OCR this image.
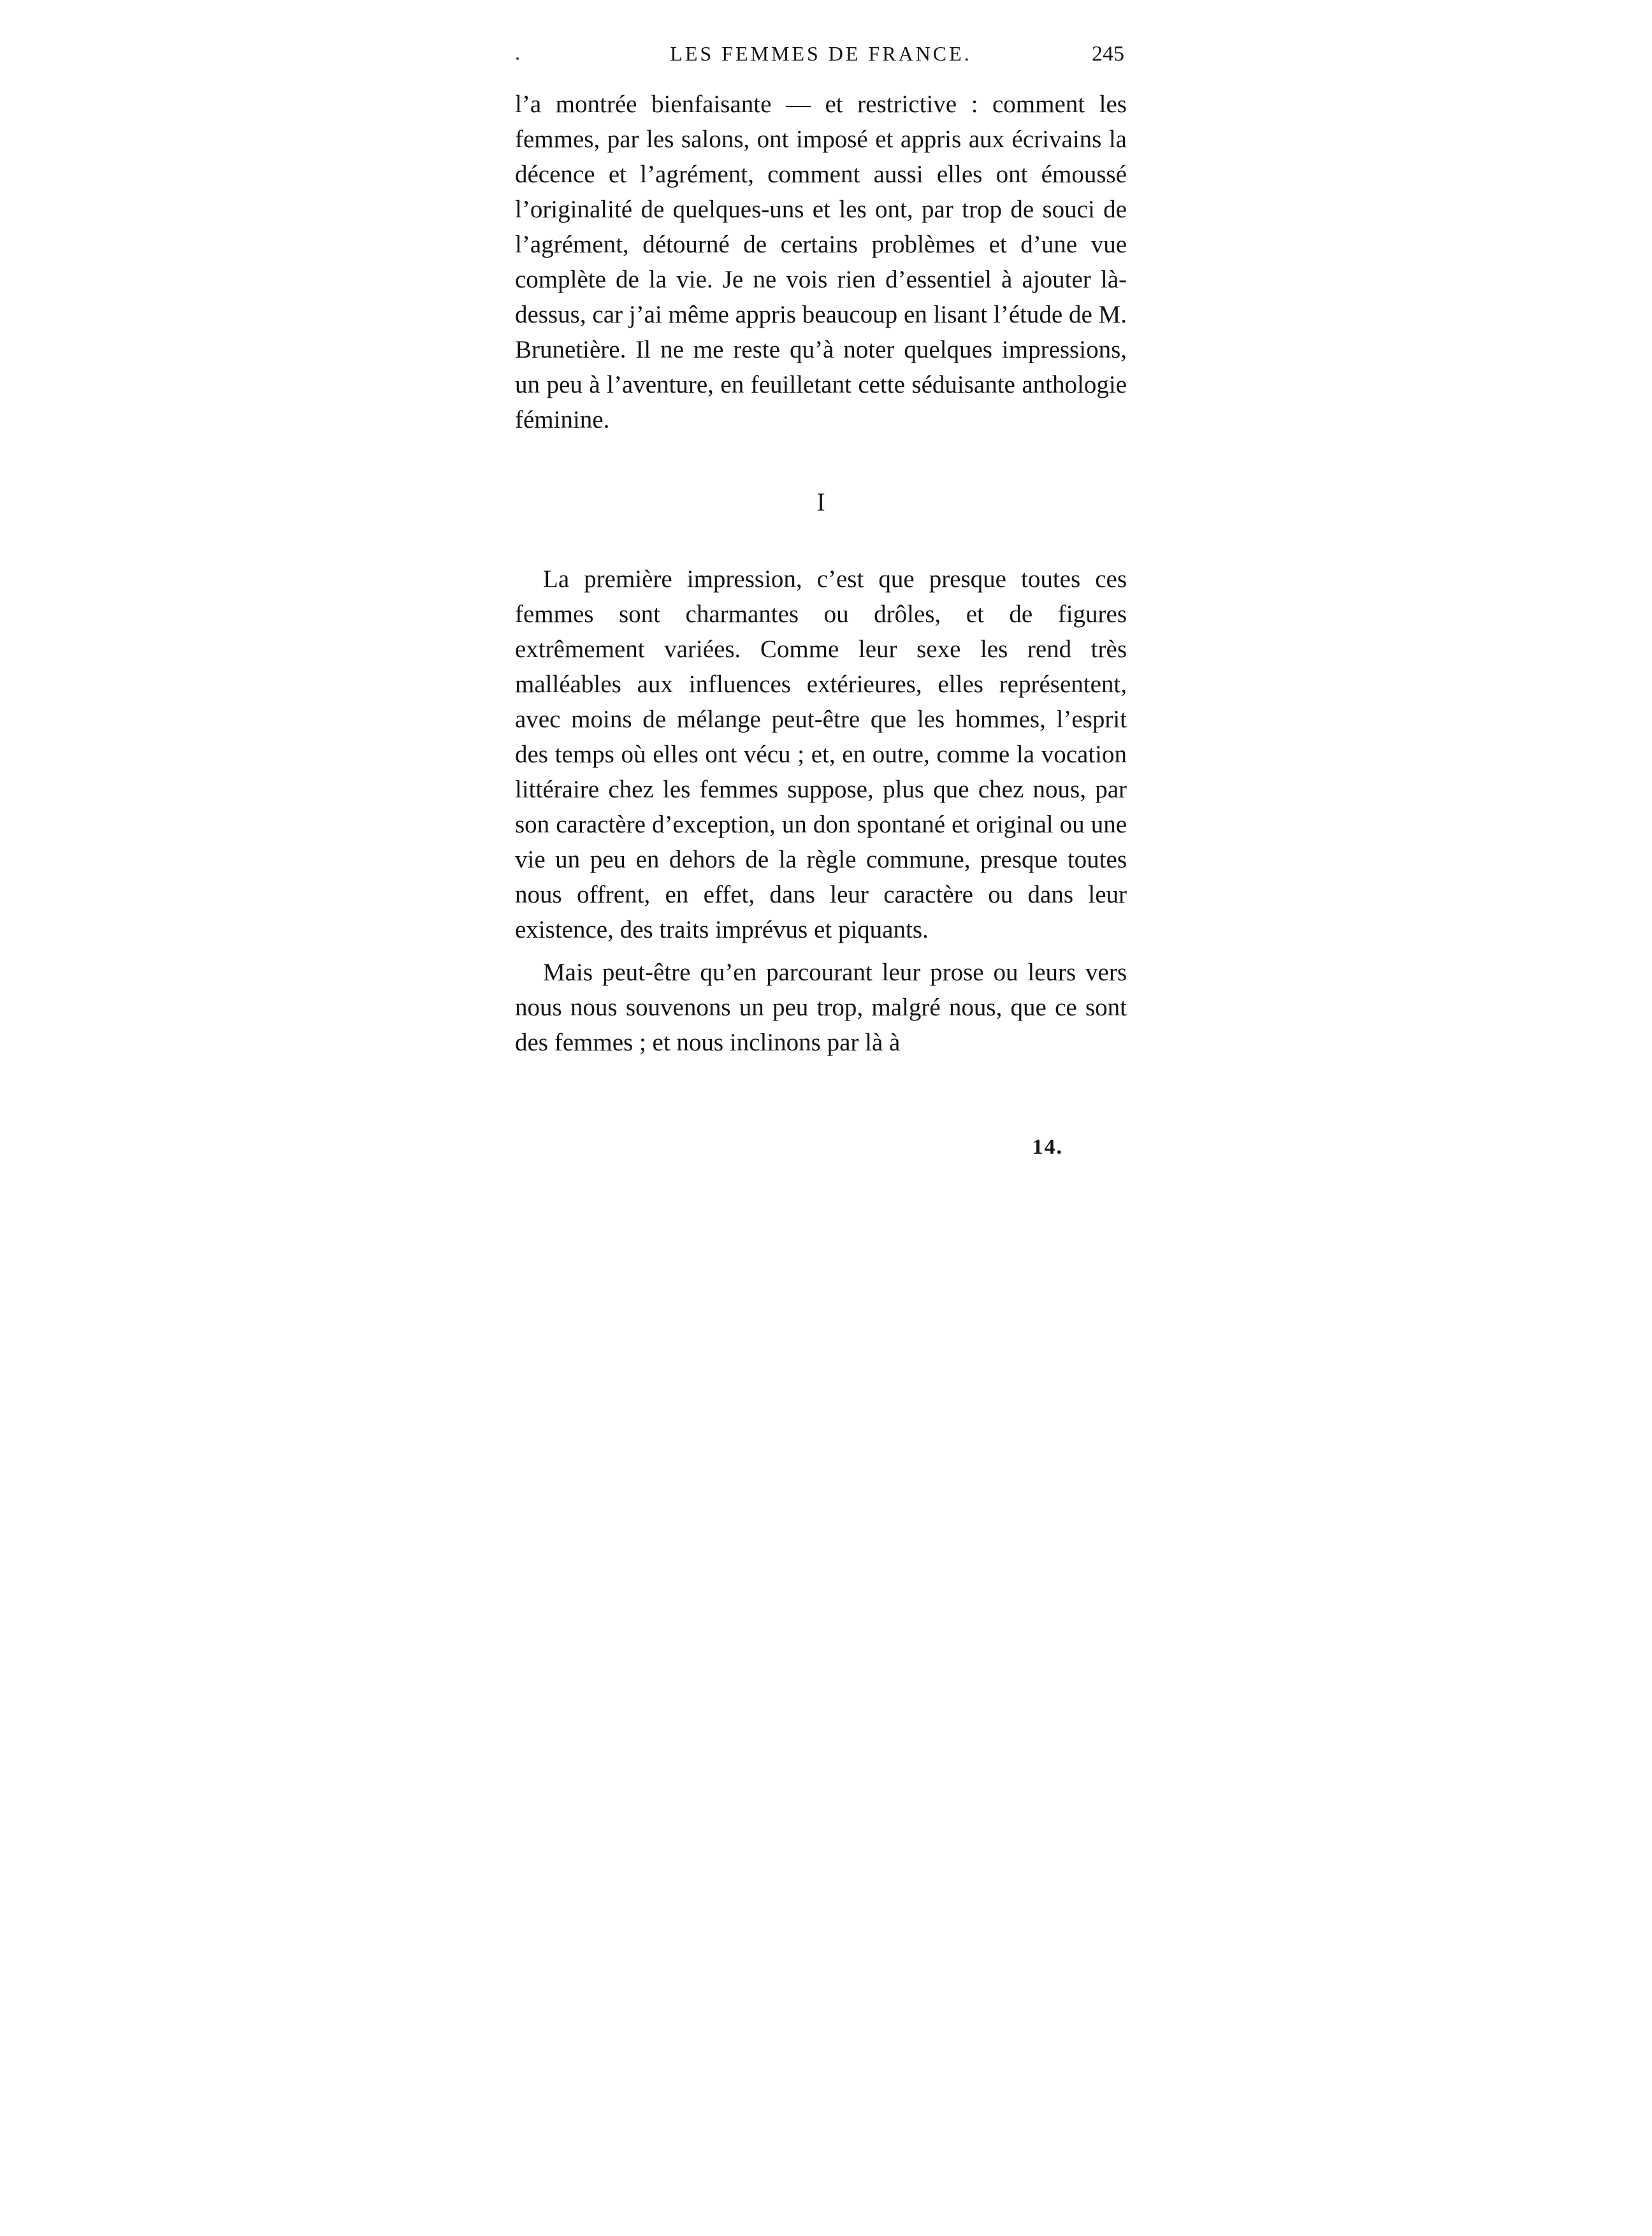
LES FEMMES DE FRANCE.	245

l’a montrée bienfaisante — et restrictive : comment les femmes, par les salons, ont imposé et appris aux écrivains la décence et l’agrément, comment aussi elles ont émoussé l’originalité de quelques-uns et les ont, par trop de souci de l’agrément, détourné de certains problèmes et d’une vue complète de la vie. Je ne vois rien d’essentiel à ajouter là-dessus, car j’ai même appris beaucoup en lisant l’étude de M. Brunetière. Il ne me reste qu’à noter quelques impressions, un peu à l’aventure, en feuilletant cette séduisante anthologie féminine.

I

La première impression, c’est que presque toutes ces femmes sont charmantes ou drôles, et de figures extrêmement variées. Comme leur sexe les rend très malléables aux influences extérieures, elles représentent, avec moins de mélange peut-être que les hommes, l’esprit des temps où elles ont vécu ; et, en outre, comme la vocation littéraire chez les femmes suppose, plus que chez nous, par son caractère d’exception, un don spontané et original ou une vie un peu en dehors de la règle commune, presque toutes nous offrent, en effet, dans leur caractère ou dans leur existence, des traits imprévus et piquants.

Mais peut-être qu’en parcourant leur prose ou leurs vers nous nous souvenons un peu trop, malgré nous, que ce sont des femmes ; et nous inclinons par là à

14.
